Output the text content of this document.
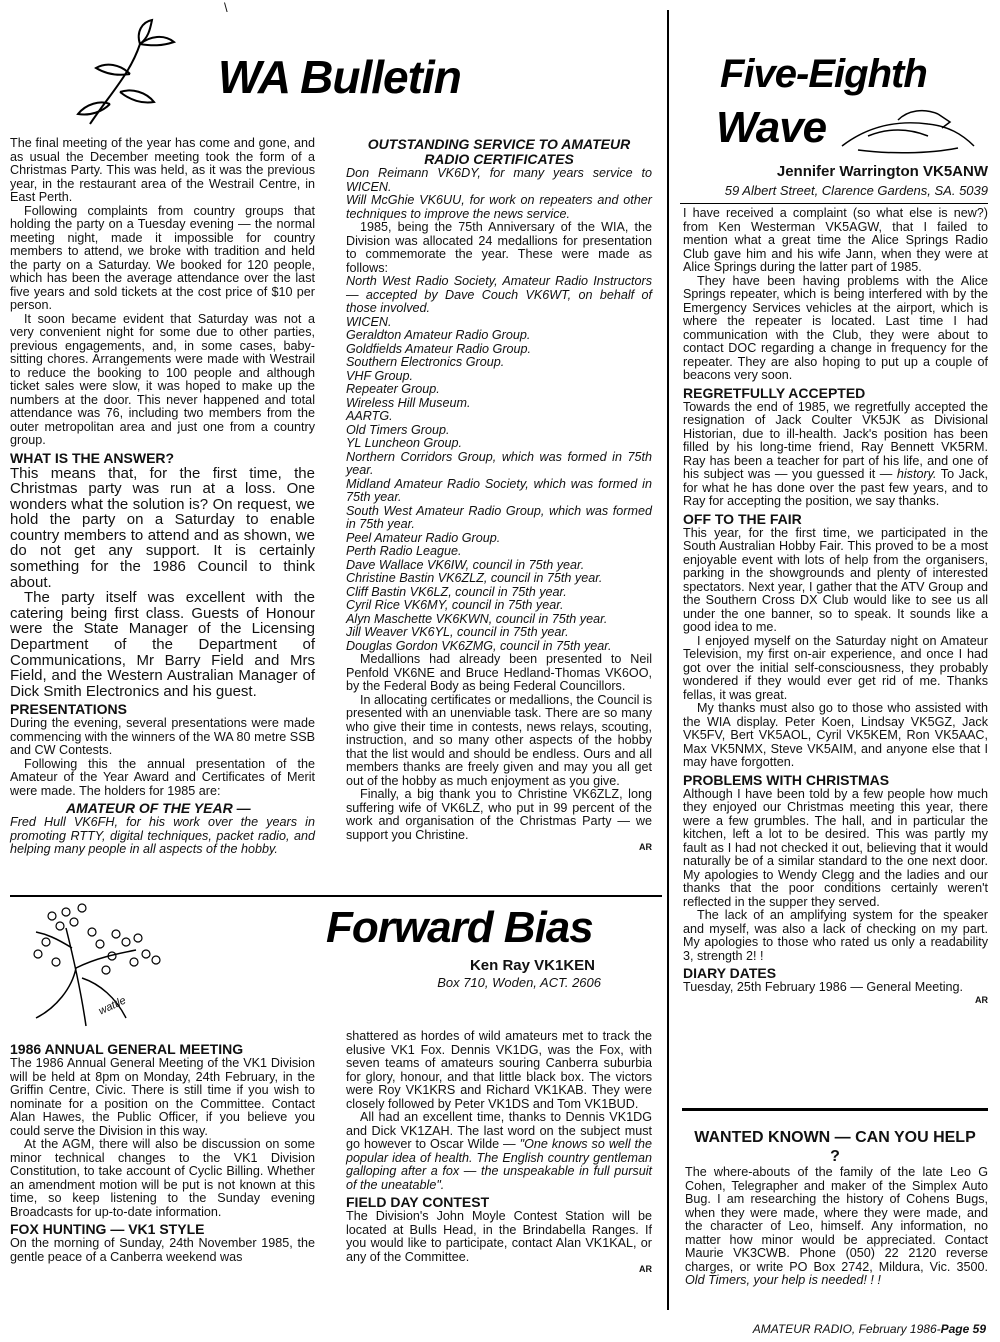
\
WA Bulletin

The final meeting of the year has come and gone, and as usual the December meeting took the form of a Christmas Party. This was held, as it was the previous year, in the restaurant area of the Westrail Centre, in East Perth.

Following complaints from country groups that holding the party on a Tuesday evening — the normal meeting night, made it impossible for country members to attend, we broke with tradition and held the party on a Saturday. We booked for 120 people, which has been the average attendance over the last five years and sold tickets at the cost price of $10 per person.

It soon became evident that Saturday was not a very convenient night for some due to other parties, previous engagements, and, in some cases, baby-sitting chores. Arrangements were made with Westrail to reduce the booking to 100 people and although ticket sales were slow, it was hoped to make up the numbers at the door. This never happened and total attendance was 76, including two members from the outer metropolitan area and just one from a country group.

WHAT IS THE ANSWER?

This means that, for the first time, the Christmas party was run at a loss. One wonders what the solution is? On request, we hold the party on a Saturday to enable country members to attend and as shown, we do not get any support. It is certainly something for the 1986 Council to think about.

The party itself was excellent with the catering being first class. Guests of Honour were the State Manager of the Licensing Department of the Department of Communications, Mr Barry Field and Mrs Field, and the Western Australian Manager of Dick Smith Electronics and his guest.

PRESENTATIONS

During the evening, several presentations were made commencing with the winners of the WA 80 metre SSB and CW Contests.

Following this the annual presentation of the Amateur of the Year Award and Certificates of Merit were made. The holders for 1985 are:

AMATEUR OF THE YEAR —

Fred Hull VK6FH, for his work over the years in promoting RTTY, digital techniques, packet radio, and helping many people in all aspects of the hobby.

OUTSTANDING SERVICE TO AMATEUR RADIO CERTIFICATES

Don Reimann VK6DY, for many years service to WICEN.

Will McGhie VK6UU, for work on repeaters and other techniques to improve the news service.

1985, being the 75th Anniversary of the WIA, the Division was allocated 24 medallions for presentation to commemorate the year. These were made as follows:

North West Radio Society, Amateur Radio Instructors — accepted by Dave Couch VK6WT, on behalf of those involved.

WICEN.

Geraldton Amateur Radio Group.

Goldfields Amateur Radio Group.

Southern Electronics Group.

VHF Group.

Repeater Group.

Wireless Hill Museum.

AARTG.

Old Timers Group.

YL Luncheon Group.

Northern Corridors Group, which was formed in 75th year.

Midland Amateur Radio Society, which was formed in 75th year.

South West Amateur Radio Group, which was formed in 75th year.

Peel Amateur Radio Group.

Perth Radio League.

Dave Wallace VK6IW, council in 75th year.

Christine Bastin VK6ZLZ, council in 75th year.

Cliff Bastin VK6LZ, council in 75th year.

Cyril Rice VK6MY, council in 75th year.

Alyn Maschette VK6KWN, council in 75th year.

Jill Weaver VK6YL, council in 75th year.

Douglas Gordon VK6ZMG, council in 75th year.

Medallions had already been presented to Neil Penfold VK6NE and Bruce Hedland-Thomas VK6OO, by the Federal Body as being Federal Councillors.

In allocating certificates or medallions, the Council is presented with an unenviable task. There are so many who give their time in contests, news relays, scouting, instruction, and so many other aspects of the hobby that the list would and should be endless. Ours and all members thanks are freely given and may you all get out of the hobby as much enjoyment as you give.

Finally, a big thank you to Christine VK6ZLZ, long suffering wife of VK6LZ, who put in 99 percent of the work and organisation of the Christmas Party — we support you Christine.

AR
wattle
Forward Bias
Ken Ray VK1KEN
Box 710, Woden, ACT. 2606
1986 ANNUAL GENERAL MEETING

The 1986 Annual General Meeting of the VK1 Division will be held at 8pm on Monday, 24th February, in the Griffin Centre, Civic. There is still time if you wish to nominate for a position on the Committee. Contact Alan Hawes, the Public Officer, if you believe you could serve the Division in this way.

At the AGM, there will also be discussion on some minor technical changes to the VK1 Division Constitution, to take account of Cyclic Billing. Whether an amendment motion will be put is not known at this time, so keep listening to the Sunday evening Broadcasts for up-to-date information.

FOX HUNTING — VK1 STYLE

On the morning of Sunday, 24th November 1985, the gentle peace of a Canberra weekend was

shattered as hordes of wild amateurs met to track the elusive VK1 Fox. Dennis VK1DG, was the Fox, with seven teams of amateurs souring Canberra suburbia for glory, honour, and that little black box. The victors were Roy VK1KRS and Richard VK1KAB. They were closely followed by Peter VK1DS and Tom VK1BUD.

All had an excellent time, thanks to Dennis VK1DG and Dick VK1ZAH. The last word on the subject must go however to Oscar Wilde — "One knows so well the popular idea of health. The English country gentleman galloping after a fox — the unspeakable in full pursuit of the uneatable".

FIELD DAY CONTEST

The Division's John Moyle Contest Station will be located at Bulls Head, in the Brindabella Ranges. If you would like to participate, contact Alan VK1KAL, or any of the Committee.

AR
Five-Eighth
Wave
Jennifer Warrington VK5ANW
59 Albert Street, Clarence Gardens, SA. 5039

I have received a complaint (so what else is new?) from Ken Westerman VK5AGW, that I failed to mention what a great time the Alice Springs Radio Club gave him and his wife Jann, when they were at Alice Springs during the latter part of 1985.

They have been having problems with the Alice Springs repeater, which is being interfered with by the Emergency Services vehicles at the airport, which is where the repeater is located. Last time I had communication with the Club, they were about to contact DOC regarding a change in frequency for the repeater. They are also hoping to put up a couple of beacons very soon.

REGRETFULLY ACCEPTED

Towards the end of 1985, we regretfully accepted the resignation of Jack Coulter VK5JK as Divisional Historian, due to ill-health. Jack's position has been filled by his long-time friend, Ray Bennett VK5RM. Ray has been a teacher for part of his life, and one of his subject was — you guessed it — history. To Jack, for what he has done over the past few years, and to Ray for accepting the position, we say thanks.

OFF TO THE FAIR

This year, for the first time, we participated in the South Australian Hobby Fair. This proved to be a most enjoyable event with lots of help from the organisers, parking in the showgrounds and plenty of interested spectators. Next year, I gather that the ATV Group and the Southern Cross DX Club would like to see us all under the one banner, so to speak. It sounds like a good idea to me.

I enjoyed myself on the Saturday night on Amateur Television, my first on-air experience, and once I had got over the initial self-consciousness, they probably wondered if they would ever get rid of me. Thanks fellas, it was great.

My thanks must also go to those who assisted with the WIA display. Peter Koen, Lindsay VK5GZ, Jack VK5FV, Bert VK5AOL, Cyril VK5KEM, Ron VK5AAC, Max VK5NMX, Steve VK5AIM, and anyone else that I may have forgotten.

PROBLEMS WITH CHRISTMAS

Although I have been told by a few people how much they enjoyed our Christmas meeting this year, there were a few grumbles. The hall, and in particular the kitchen, left a lot to be desired. This was partly my fault as I had not checked it out, believing that it would naturally be of a similar standard to the one next door. My apologies to Wendy Clegg and the ladies and our thanks that the poor conditions certainly weren't reflected in the supper they served.

The lack of an amplifying system for the speaker and myself, was also a lack of checking on my part. My apologies to those who rated us only a readability 3, strength 2! !

DIARY DATES

Tuesday, 25th February 1986 — General Meeting.

AR
WANTED KNOWN — CAN YOU HELP ?

The where-abouts of the family of the late Leo G Cohen, Telegrapher and maker of the Simplex Auto Bug. I am researching the history of Cohens Bugs, when they were made, where they were made, and the character of Leo, himself. Any information, no matter how minor would be appreciated. Contact Maurie VK3CWB. Phone (050) 22 2120 reverse charges, or write PO Box 2742, Mildura, Vic. 3500. Old Timers, your help is needed! ! !

AMATEUR RADIO, February 1986-Page 59
